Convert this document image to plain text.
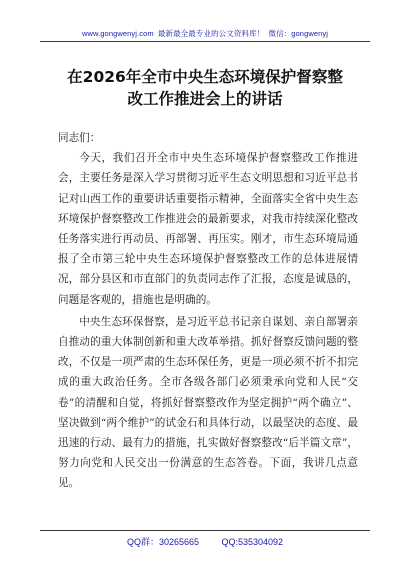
www.gongwenyj.com 最新最全最专业的公文资料库！ 微信：gongwenyj
在2026年全市中央生态环境保护督察整
改工作推进会上的讲话

同志们：

今天，我们召开全市中央生态环境保护督察整改工作推进会，主要任务是深入学习贯彻习近平生态文明思想和习近平总书记对山西工作的重要讲话重要指示精神，全面落实全省中央生态环境保护督察整改工作推进会的最新要求，对我市持续深化整改任务落实进行再动员、再部署、再压实。刚才，市生态环境局通报了全市第三轮中央生态环境保护督察整改工作的总体进展情况，部分县区和市直部门的负责同志作了汇报，态度是诚恳的，问题是客观的，措施也是明确的。

中央生态环保督察，是习近平总书记亲自谋划、亲自部署亲自推动的重大体制创新和重大改革举措。抓好督察反馈问题的整改，不仅是一项严肃的生态环保任务，更是一项必须不折不扣完成的重大政治任务。全市各级各部门必须秉承向党和人民“交卷”的清醒和自觉，将抓好督察整改作为坚定拥护“两个确立”、坚决做到“两个维护”的试金石和具体行动，以最坚决的态度、最迅速的行动、最有力的措施，扎实做好督察整改“后半篇文章”，努力向党和人民交出一份满意的生态答卷。下面，我讲几点意见。

QQ群：30265665	QQ:535304092
